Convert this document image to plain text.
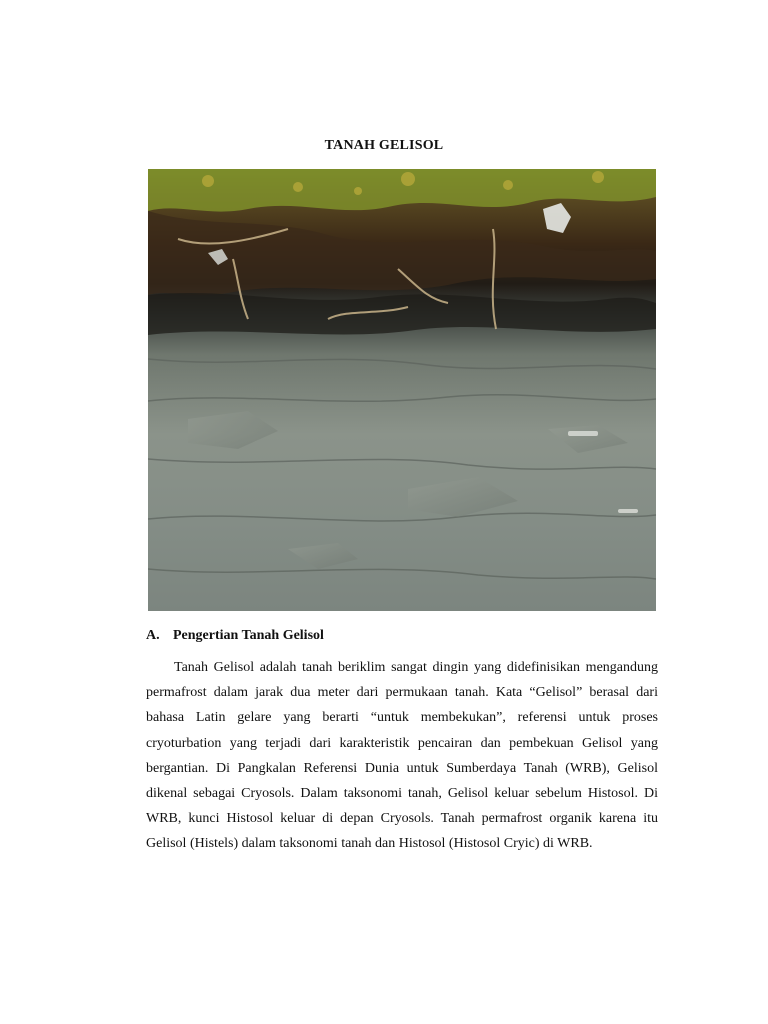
TANAH GELISOL
A. Pengertian Tanah Gelisol

Tanah Gelisol adalah tanah beriklim sangat dingin yang didefinisikan mengandung permafrost dalam jarak dua meter dari permukaan tanah. Kata “Gelisol” berasal dari bahasa Latin gelare yang berarti “untuk membekukan”, referensi untuk proses cryoturbation yang terjadi dari karakteristik pencairan dan pembekuan Gelisol yang bergantian. Di Pangkalan Referensi Dunia untuk Sumberdaya Tanah (WRB), Gelisol dikenal sebagai Cryosols. Dalam taksonomi tanah, Gelisol keluar sebelum Histosol. Di WRB, kunci Histosol keluar di depan Cryosols. Tanah permafrost organik karena itu Gelisol (Histels) dalam taksonomi tanah dan Histosol (Histosol Cryic) di WRB.
